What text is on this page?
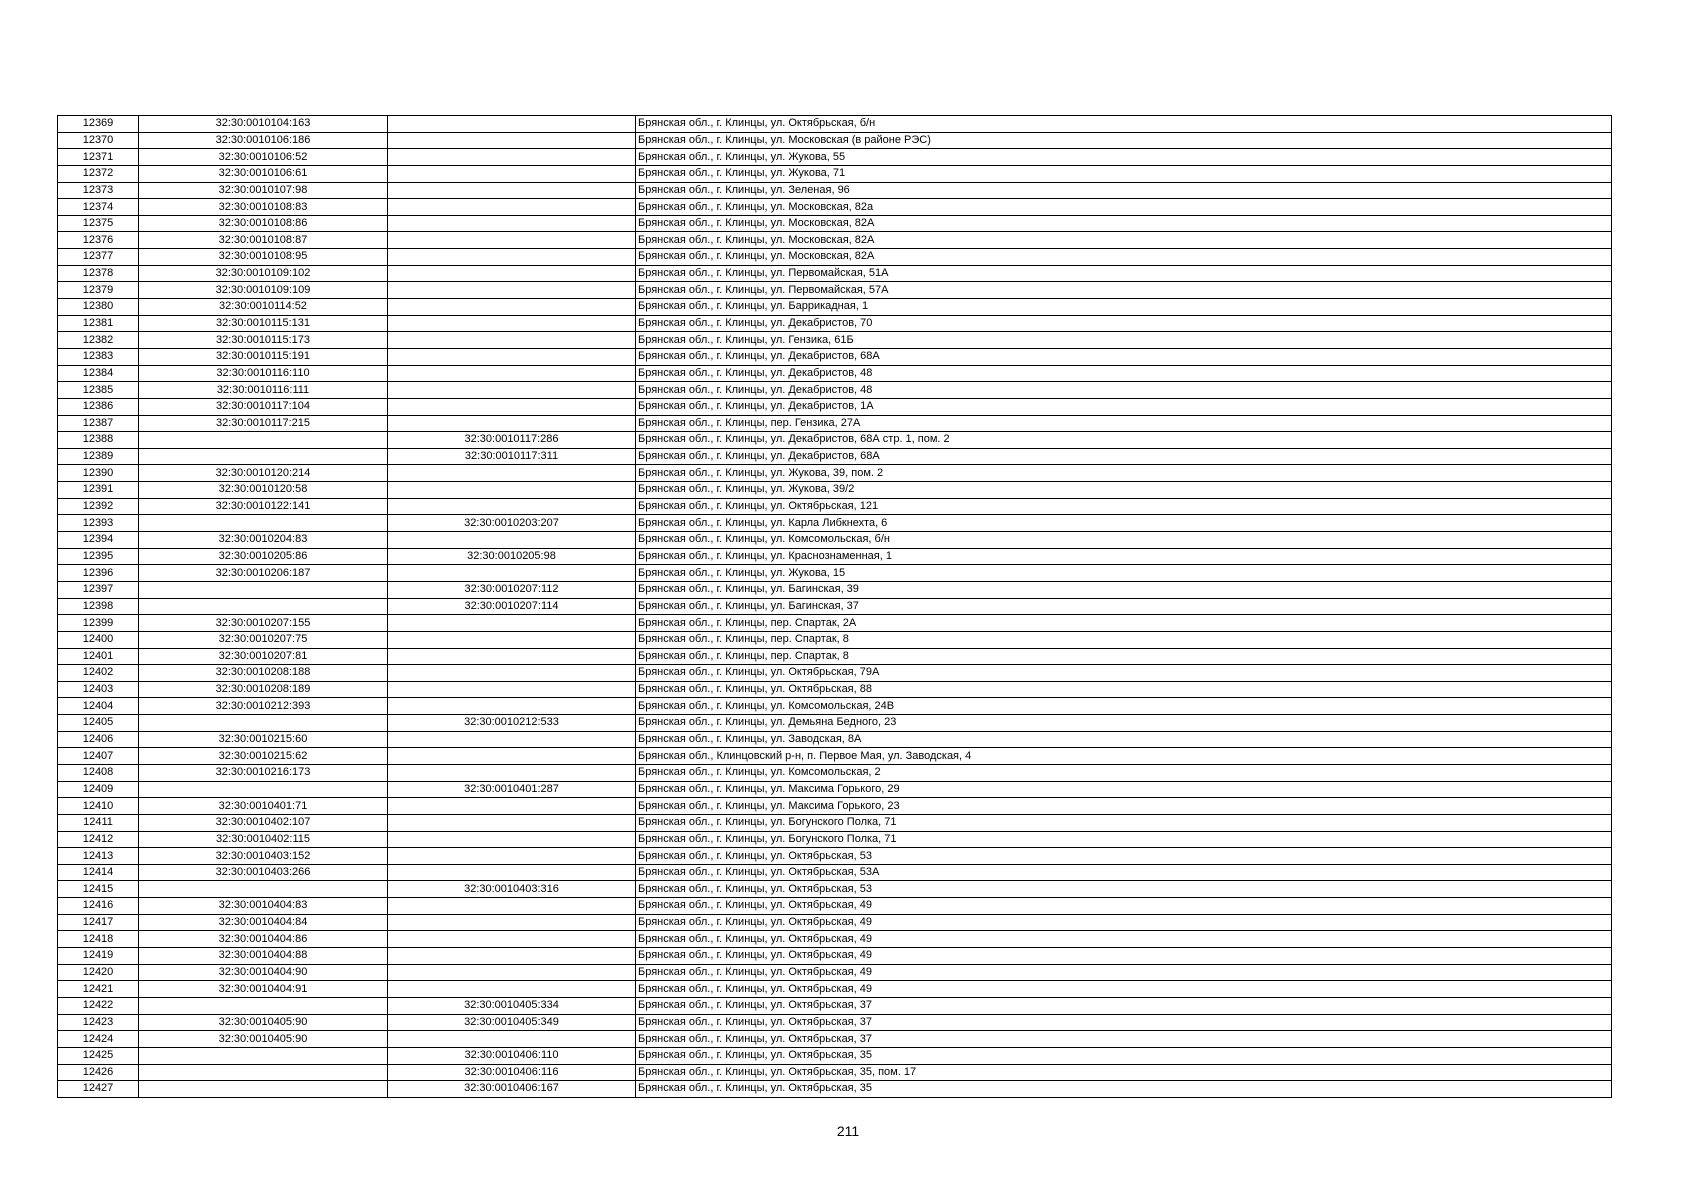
12369	32:30:0010104:163		Брянская обл., г. Клинцы, ул. Октябрьская, б/н
12370	32:30:0010106:186		Брянская обл., г. Клинцы, ул. Московская (в районе РЭС)
12371	32:30:0010106:52		Брянская обл., г. Клинцы, ул. Жукова, 55
12372	32:30:0010106:61		Брянская обл., г. Клинцы, ул. Жукова, 71
12373	32:30:0010107:98		Брянская обл., г. Клинцы, ул. Зеленая, 96
12374	32:30:0010108:83		Брянская обл., г. Клинцы, ул. Московская, 82а
12375	32:30:0010108:86		Брянская обл., г. Клинцы, ул. Московская, 82А
12376	32:30:0010108:87		Брянская обл., г. Клинцы, ул. Московская, 82А
12377	32:30:0010108:95		Брянская обл., г. Клинцы, ул. Московская, 82А
12378	32:30:0010109:102		Брянская обл., г. Клинцы, ул. Первомайская, 51А
12379	32:30:0010109:109		Брянская обл., г. Клинцы, ул. Первомайская, 57А
12380	32:30:0010114:52		Брянская обл., г. Клинцы, ул. Баррикадная, 1
12381	32:30:0010115:131		Брянская обл., г. Клинцы, ул. Декабристов, 70
12382	32:30:0010115:173		Брянская обл., г. Клинцы, ул. Гензика, 61Б
12383	32:30:0010115:191		Брянская обл., г. Клинцы, ул. Декабристов, 68А
12384	32:30:0010116:110		Брянская обл., г. Клинцы, ул. Декабристов, 48
12385	32:30:0010116:111		Брянская обл., г. Клинцы, ул. Декабристов, 48
12386	32:30:0010117:104		Брянская обл., г. Клинцы, ул. Декабристов, 1А
12387	32:30:0010117:215		Брянская обл., г. Клинцы, пер. Гензика, 27А
12388		32:30:0010117:286	Брянская обл., г. Клинцы, ул. Декабристов, 68А стр. 1, пом. 2
12389		32:30:0010117:311	Брянская обл., г. Клинцы, ул. Декабристов, 68А
12390	32:30:0010120:214		Брянская обл., г. Клинцы, ул. Жукова, 39, пом. 2
12391	32:30:0010120:58		Брянская обл., г. Клинцы, ул. Жукова, 39/2
12392	32:30:0010122:141		Брянская обл., г. Клинцы, ул. Октябрьская, 121
12393		32:30:0010203:207	Брянская обл., г. Клинцы, ул. Карла Либкнехта, 6
12394	32:30:0010204:83		Брянская обл., г. Клинцы, ул. Комсомольская, б/н
12395	32:30:0010205:86	32:30:0010205:98	Брянская обл., г. Клинцы, ул. Краснознаменная, 1
12396	32:30:0010206:187		Брянская обл., г. Клинцы, ул. Жукова, 15
12397		32:30:0010207:112	Брянская обл., г. Клинцы, ул. Багинская, 39
12398		32:30:0010207:114	Брянская обл., г. Клинцы, ул. Багинская, 37
12399	32:30:0010207:155		Брянская обл., г. Клинцы, пер. Спартак, 2А
12400	32:30:0010207:75		Брянская обл., г. Клинцы, пер. Спартак, 8
12401	32:30:0010207:81		Брянская обл., г. Клинцы, пер. Спартак, 8
12402	32:30:0010208:188		Брянская обл., г. Клинцы, ул. Октябрьская, 79А
12403	32:30:0010208:189		Брянская обл., г. Клинцы, ул. Октябрьская, 88
12404	32:30:0010212:393		Брянская обл., г. Клинцы, ул. Комсомольская, 24В
12405		32:30:0010212:533	Брянская обл., г. Клинцы, ул. Демьяна Бедного, 23
12406	32:30:0010215:60		Брянская обл., г. Клинцы, ул. Заводская, 8А
12407	32:30:0010215:62		Брянская обл., Клинцовский р-н, п. Первое Мая, ул. Заводская, 4
12408	32:30:0010216:173		Брянская обл., г. Клинцы, ул. Комсомольская, 2
12409		32:30:0010401:287	Брянская обл., г. Клинцы, ул. Максима Горького, 29
12410	32:30:0010401:71		Брянская обл., г. Клинцы, ул. Максима Горького, 23
12411	32:30:0010402:107		Брянская обл., г. Клинцы, ул. Богунского Полка, 71
12412	32:30:0010402:115		Брянская обл., г. Клинцы, ул. Богунского Полка, 71
12413	32:30:0010403:152		Брянская обл., г. Клинцы, ул. Октябрьская, 53
12414	32:30:0010403:266		Брянская обл., г. Клинцы, ул. Октябрьская, 53А
12415		32:30:0010403:316	Брянская обл., г. Клинцы, ул. Октябрьская, 53
12416	32:30:0010404:83		Брянская обл., г. Клинцы, ул. Октябрьская, 49
12417	32:30:0010404:84		Брянская обл., г. Клинцы, ул. Октябрьская, 49
12418	32:30:0010404:86		Брянская обл., г. Клинцы, ул. Октябрьская, 49
12419	32:30:0010404:88		Брянская обл., г. Клинцы, ул. Октябрьская, 49
12420	32:30:0010404:90		Брянская обл., г. Клинцы, ул. Октябрьская, 49
12421	32:30:0010404:91		Брянская обл., г. Клинцы, ул. Октябрьская, 49
12422		32:30:0010405:334	Брянская обл., г. Клинцы, ул. Октябрьская, 37
12423	32:30:0010405:90	32:30:0010405:349	Брянская обл., г. Клинцы, ул. Октябрьская, 37
12424	32:30:0010405:90		Брянская обл., г. Клинцы, ул. Октябрьская, 37
12425		32:30:0010406:110	Брянская обл., г. Клинцы, ул. Октябрьская, 35
12426		32:30:0010406:116	Брянская обл., г. Клинцы, ул. Октябрьская, 35, пом. 17
12427		32:30:0010406:167	Брянская обл., г. Клинцы, ул. Октябрьская, 35
211
